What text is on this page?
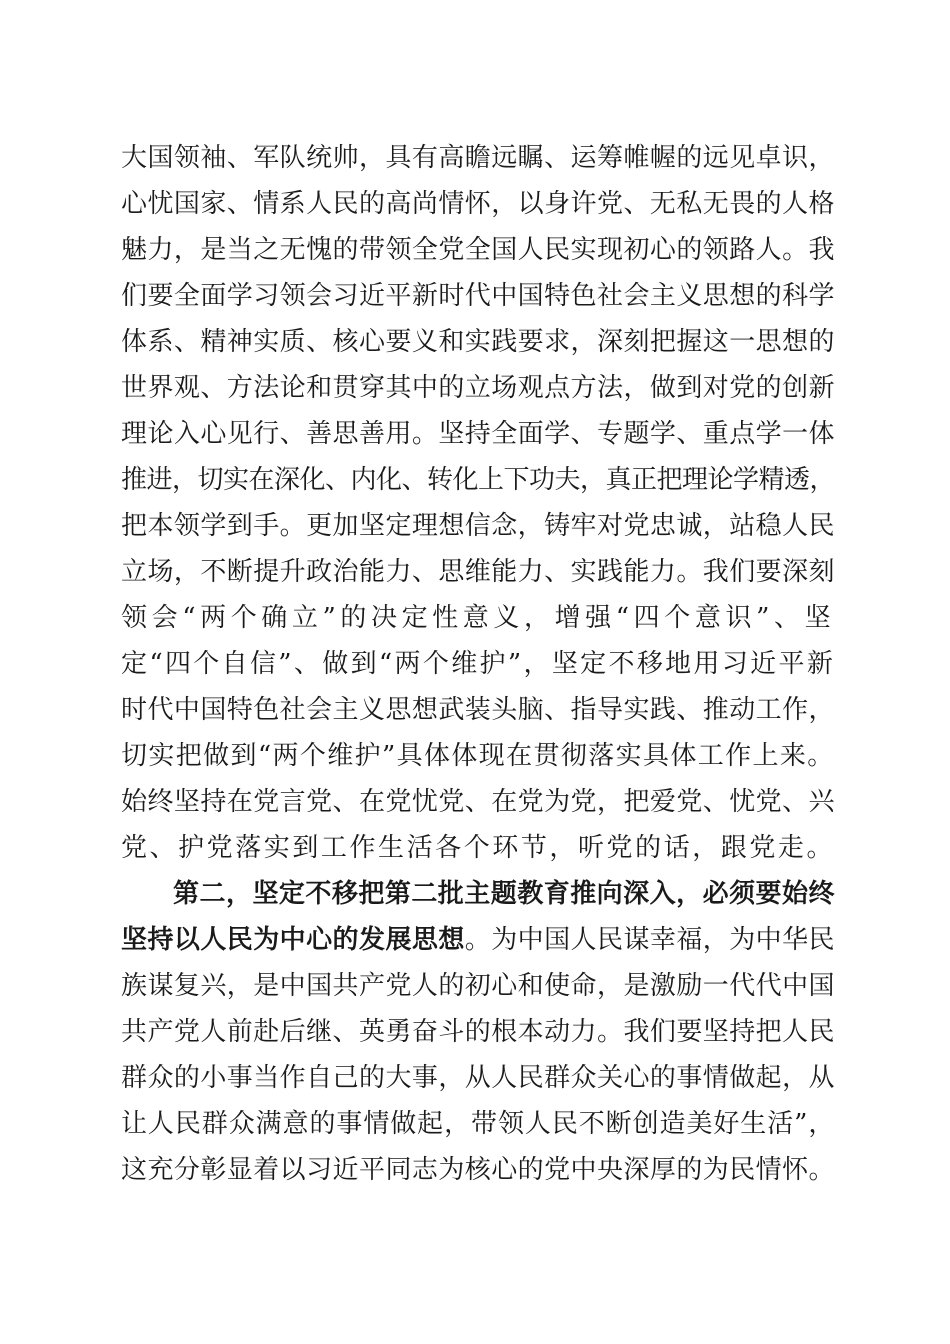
大国领袖、军队统帅，具有高瞻远瞩、运筹帷幄的远见卓识，
心忧国家、情系人民的高尚情怀，以身许党、无私无畏的人格
魅力，是当之无愧的带领全党全国人民实现初心的领路人。我
们要全面学习领会习近平新时代中国特色社会主义思想的科学
体系、精神实质、核心要义和实践要求，深刻把握这一思想的
世界观、方法论和贯穿其中的立场观点方法，做到对党的创新
理论入心见行、善思善用。坚持全面学、专题学、重点学一体
推进，切实在深化、内化、转化上下功夫，真正把理论学精透，
把本领学到手。更加坚定理想信念，铸牢对党忠诚，站稳人民
立场，不断提升政治能力、思维能力、实践能力。我们要深刻
领会“两个确立”的决定性意义，增强“四个意识”、坚
定“四个自信”、做到“两个维护”，坚定不移地用习近平新
时代中国特色社会主义思想武装头脑、指导实践、推动工作，
切实把做到“两个维护”具体体现在贯彻落实具体工作上来。
始终坚持在党言党、在党忧党、在党为党，把爱党、忧党、兴
党、护党落实到工作生活各个环节，听党的话，跟党走。
第二，坚定不移把第二批主题教育推向深入，必须要始终
坚持以人民为中心的发展思想。为中国人民谋幸福，为中华民
族谋复兴，是中国共产党人的初心和使命，是激励一代代中国
共产党人前赴后继、英勇奋斗的根本动力。我们要坚持把人民
群众的小事当作自己的大事，从人民群众关心的事情做起，从
让人民群众满意的事情做起，带领人民不断创造美好生活”，
这充分彰显着以习近平同志为核心的党中央深厚的为民情怀。
